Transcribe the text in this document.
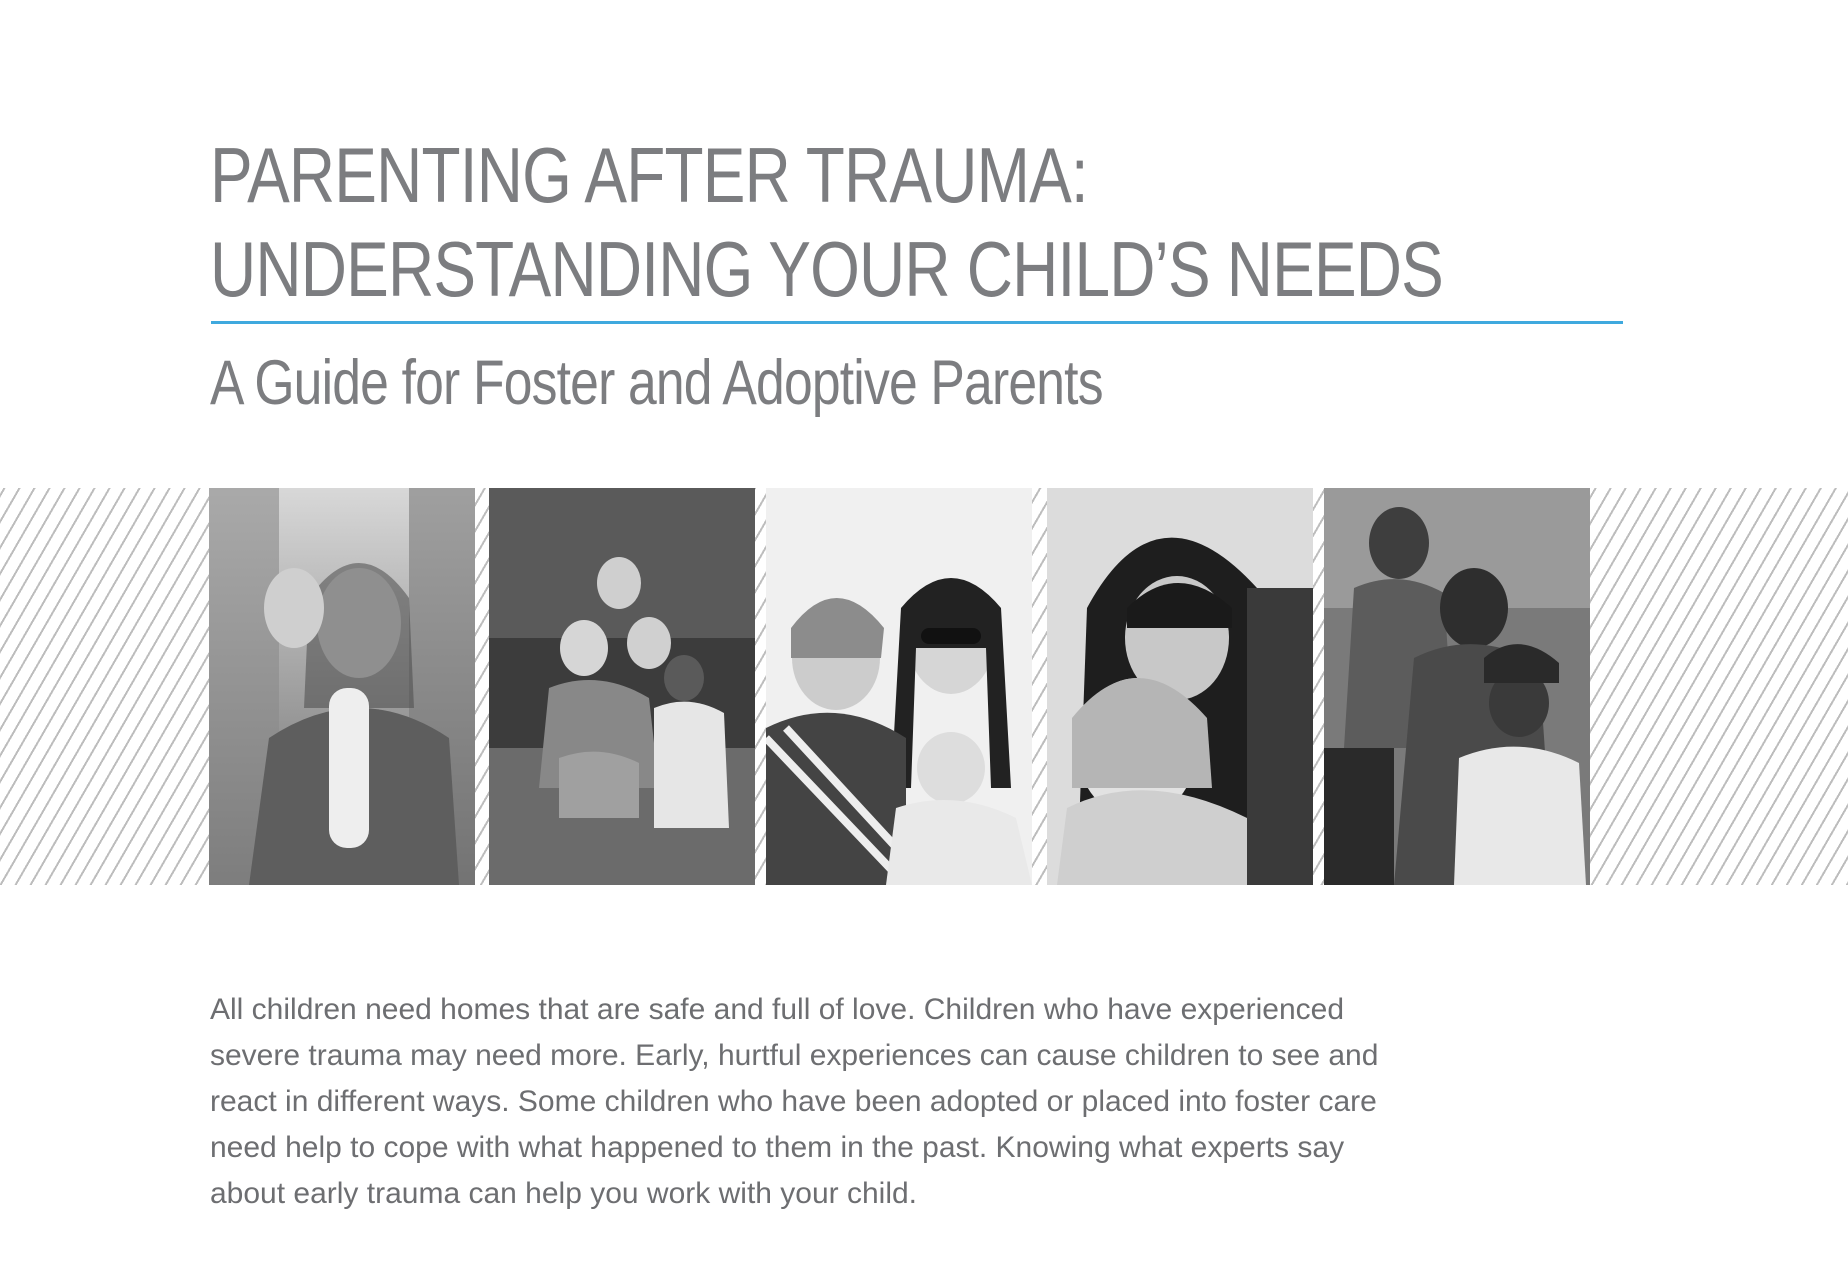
PARENTING AFTER TRAUMA:
UNDERSTANDING YOUR CHILD’S NEEDS
A Guide for Foster and Adoptive Parents
All children need homes that are safe and full of love. Children who have experienced
severe trauma may need more. Early, hurtful experiences can cause children to see and
react in different ways. Some children who have been adopted or placed into foster care
need help to cope with what happened to them in the past. Knowing what experts say
about early trauma can help you work with your child.
